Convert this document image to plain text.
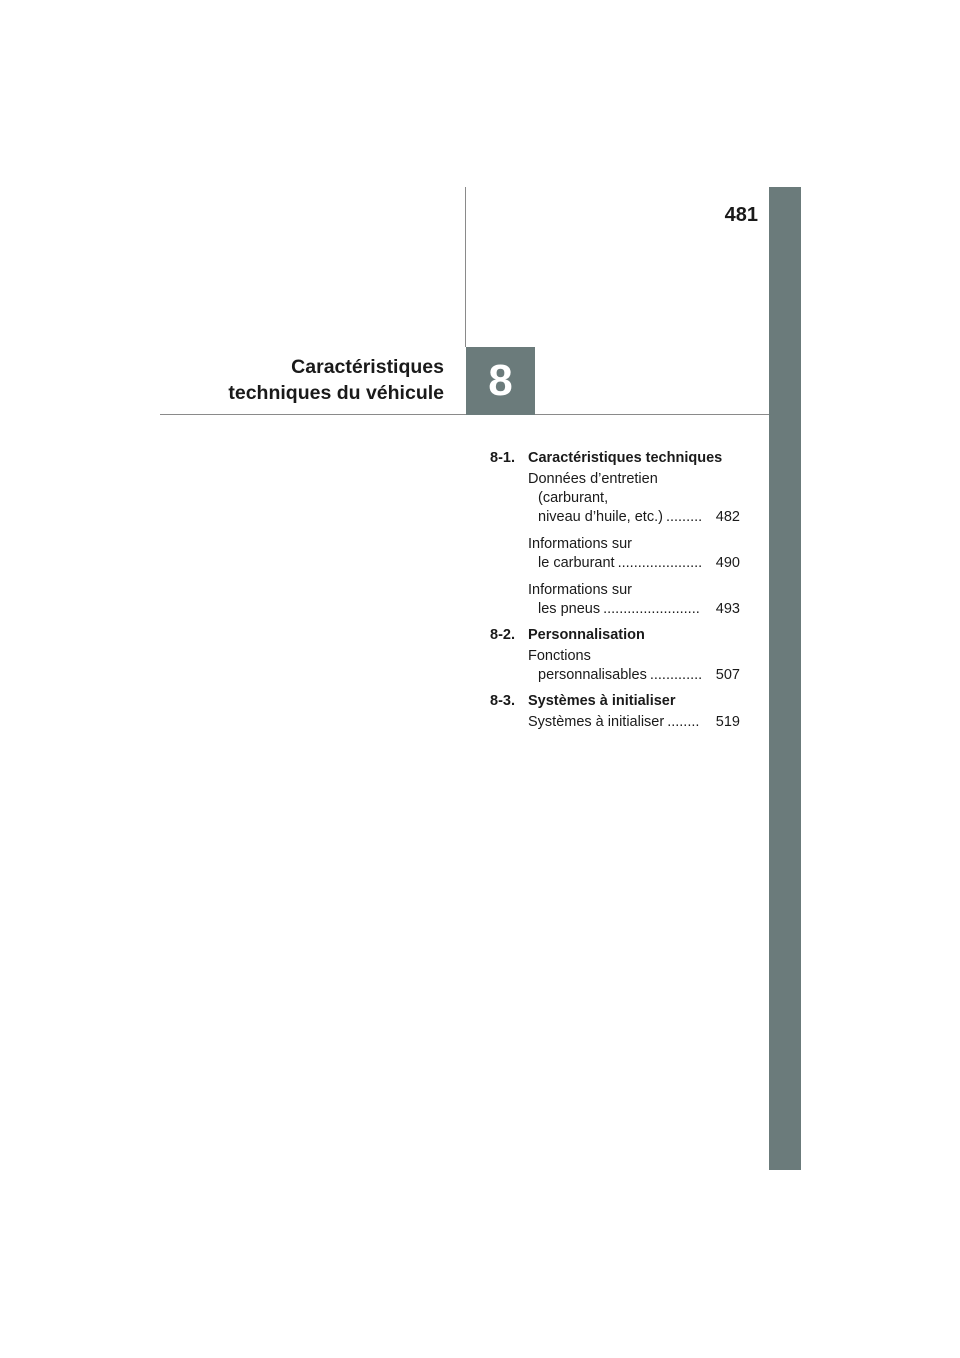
481
8
Caractéristiques
techniques du véhicule
8-1. Caractéristiques techniques
Données d’entretien
(carburant,
niveau d’huile, etc.) ......... 482
Informations sur
le carburant ..................... 490
Informations sur
les pneus ........................	493
8-2. Personnalisation
Fonctions
personnalisables ............. 507
8-3. Systèmes à initialiser
Systèmes à initialiser ........	519
